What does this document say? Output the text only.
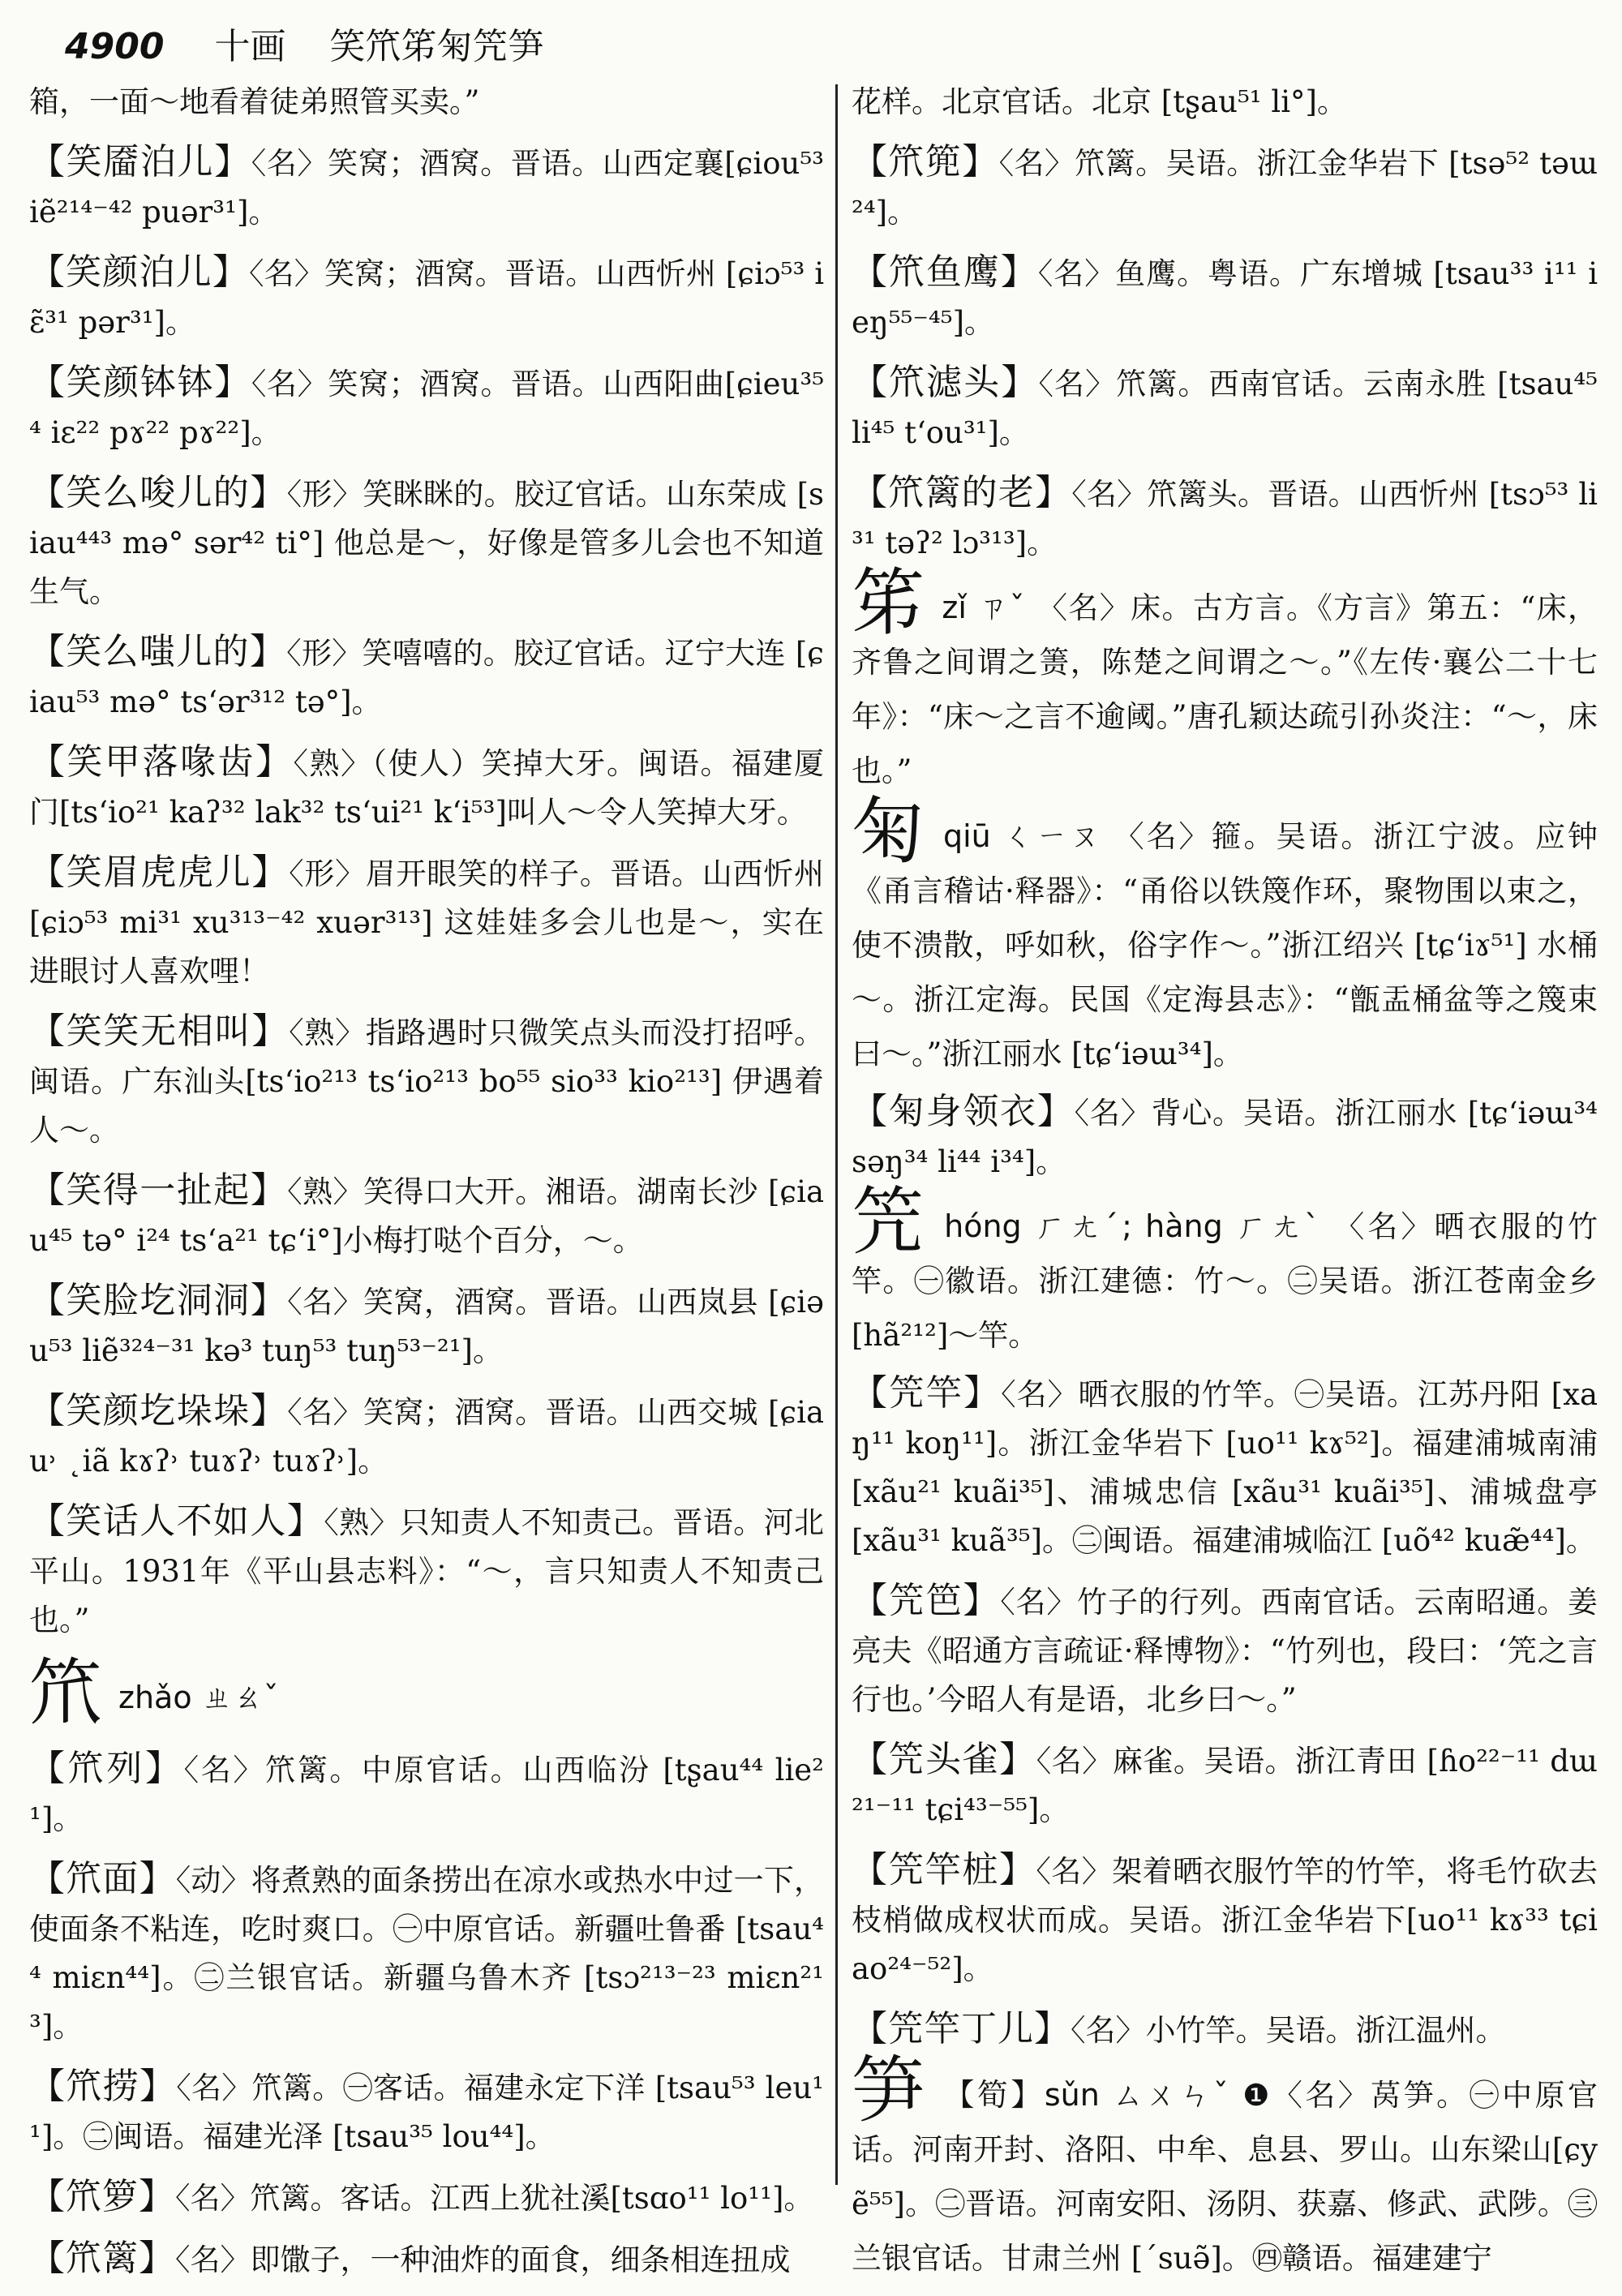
4900 十画 笑笊笫匊笐笋

箱，一面～地看着徒弟照管买卖。”

【 笑靥泊儿 】 〈名〉笑窝；酒窝。晋语。山西定襄[ɕiou⁵³ iẽ²¹⁴⁻⁴² puər³¹]。

【 笑颜泊儿 】 〈名〉笑窝；酒窝。晋语。山西忻州 [ɕiɔ⁵³ iɛ̃³¹ pər³¹]。

【 笑颜钵钵 】 〈名〉笑窝；酒窝。晋语。山西阳曲[ɕieu³⁵⁴ iɛ²² pɤ²² pɤ²²]。

【 笑么唆儿的 】 〈形〉笑眯眯的。胶辽官话。山东荣成 [siau⁴⁴³ mə° sər⁴² ti°] 他总是～，好像是管多儿会也不知道生气。

【 笑么嗤儿的 】 〈形〉笑嘻嘻的。胶辽官话。辽宁大连 [ɕiau⁵³ mə° tsʻər³¹² tə°]。

【 笑甲落喙齿 】 〈熟〉（使人）笑掉大牙。闽语。福建厦门[tsʻio²¹ kaʔ³² lak³² tsʻui²¹ kʻi⁵³]叫人～令人笑掉大牙。

【 笑眉虎虎儿 】 〈形〉眉开眼笑的样子。晋语。山西忻州 [ɕiɔ⁵³ mi³¹ xu³¹³⁻⁴² xuər³¹³] 这娃娃多会儿也是～，实在进眼讨人喜欢哩！

【 笑笑无相叫 】 〈熟〉指路遇时只微笑点头而没打招呼。闽语。广东汕头[tsʻio²¹³ tsʻio²¹³ bo⁵⁵ sio³³ kio²¹³] 伊遇着人～。

【 笑得一扯起 】 〈熟〉笑得口大开。湘语。湖南长沙 [ɕiau⁴⁵ tə° i²⁴ tsʻa²¹ tɕʻi°]小梅打哒个百分，～。

【 笑脸圪洞洞 】 〈名〉笑窝，酒窝。晋语。山西岚县 [ɕiəu⁵³ liẽ³²⁴⁻³¹ kə³ tuŋ⁵³ tuŋ⁵³⁻²¹]。

【 笑颜圪垛垛 】 〈名〉笑窝；酒窝。晋语。山西交城 [ɕiau˒ ˛iã kɤʔ˒ tuɤʔ˒ tuɤʔ˒]。

【 笑话人不如人 】 〈熟〉只知责人不知责己。晋语。河北平山。1931年《平山县志料》：“～，言只知责人不知责己也。”

笊zhǎo ㄓㄠˇ

【 笊列 】 〈名〉笊篱。中原官话。山西临汾 [tʂau⁴⁴ lie²¹]。

【 笊面 】 〈动〉将煮熟的面条捞出在凉水或热水中过一下，使面条不粘连，吃时爽口。㊀中原官话。新疆吐鲁番 [tsau⁴⁴ miɛn⁴⁴]。㊁兰银官话。新疆乌鲁木齐 [tsɔ²¹³⁻²³ miɛn²¹³]。

【 笊捞 】 〈名〉笊篱。㊀客话。福建永定下洋 [tsau⁵³ leu¹¹]。㊁闽语。福建光泽 [tsau³⁵ lou⁴⁴]。

【 笊箩 】 〈名〉笊篱。客话。江西上犹社溪[tsɑo¹¹ lo¹¹]。

【 笊篱 】 〈名〉即馓子，一种油炸的面食，细条相连扭成

花样。北京官话。北京 [tʂau⁵¹ li°]。

【 笊篼 】 〈名〉笊篱。吴语。浙江金华岩下 [tsə⁵² təɯ²⁴]。

【 笊鱼鹰 】 〈名〉鱼鹰。粤语。广东增城 [tsau³³ i¹¹ ieŋ⁵⁵⁻⁴⁵]。

【 笊滤头 】 〈名〉笊篱。西南官话。云南永胜 [tsau⁴⁵ li⁴⁵ tʻou³¹]。

【 笊篱的老 】 〈名〉笊篱头。晋语。山西忻州 [tsɔ⁵³ li³¹ təʔ² lɔ³¹³]。

笫zǐ ㄗˇ 〈名〉床。古方言。《方言》第五：“床，齐鲁之间谓之箦，陈楚之间谓之～。”《左传·襄公二十七年》：“床～之言不逾阈。”唐孔颖达疏引孙炎注：“～，床也。”
匊qiū ㄑㄧㄡ 〈名〉箍。吴语。浙江宁波。应钟《甬言稽诂·释器》：“甬俗以铁篾作环，聚物围以束之，使不溃散，呼如秋，俗字作～。”浙江绍兴 [tɕʻiɤ⁵¹] 水桶～。浙江定海。民国《定海县志》：“甑盂桶盆等之篾束曰～。”浙江丽水 [tɕʻiəɯ³⁴]。

【 匊身领衣 】 〈名〉背心。吴语。浙江丽水 [tɕʻiəɯ³⁴ səŋ³⁴ li⁴⁴ i³⁴]。

笐hóng ㄏㄤˊ; hàng ㄏㄤˋ 〈名〉晒衣服的竹竿。㊀徽语。浙江建德：竹～。㊁吴语。浙江苍南金乡[hã²¹²]～竿。

【 笐竿 】 〈名〉晒衣服的竹竿。㊀吴语。江苏丹阳 [xaŋ¹¹ koŋ¹¹]。浙江金华岩下 [uo¹¹ kɤ⁵²]。福建浦城南浦 [xãu²¹ kuãi³⁵]、浦城忠信 [xãu³¹ kuãi³⁵]、浦城盘亭 [xãu³¹ kuã³⁵]。㊁闽语。福建浦城临江 [uõ⁴² kuæ̃⁴⁴]。

【 笐笆 】 〈名〉竹子的行列。西南官话。云南昭通。姜亮夫《昭通方言疏证·释博物》：“竹列也，段曰：‘笐之言行也。’今昭人有是语，北乡曰～。”

【 笐头雀 】 〈名〉麻雀。吴语。浙江青田 [ɦo²²⁻¹¹ dɯ²¹⁻¹¹ tɕi⁴³⁻⁵⁵]。

【 笐竿桩 】 〈名〉架着晒衣服竹竿的竹竿，将毛竹砍去枝梢做成杈状而成。吴语。浙江金华岩下[uo¹¹ kɤ³³ tɕiao²⁴⁻⁵²]。

【 笐竿丁儿 】 〈名〉小竹竿。吴语。浙江温州。

笋 【筍】sǔn ㄙㄨㄣˇ ❶〈名〉莴笋。㊀中原官话。河南开封、洛阳、中牟、息县、罗山。山东梁山[ɕyẽ⁵⁵]。㊁晋语。河南安阳、汤阴、获嘉、修武、武陟。㊂兰银官话。甘肃兰州 [ˊsuə̃]。㊃赣语。福建建宁
